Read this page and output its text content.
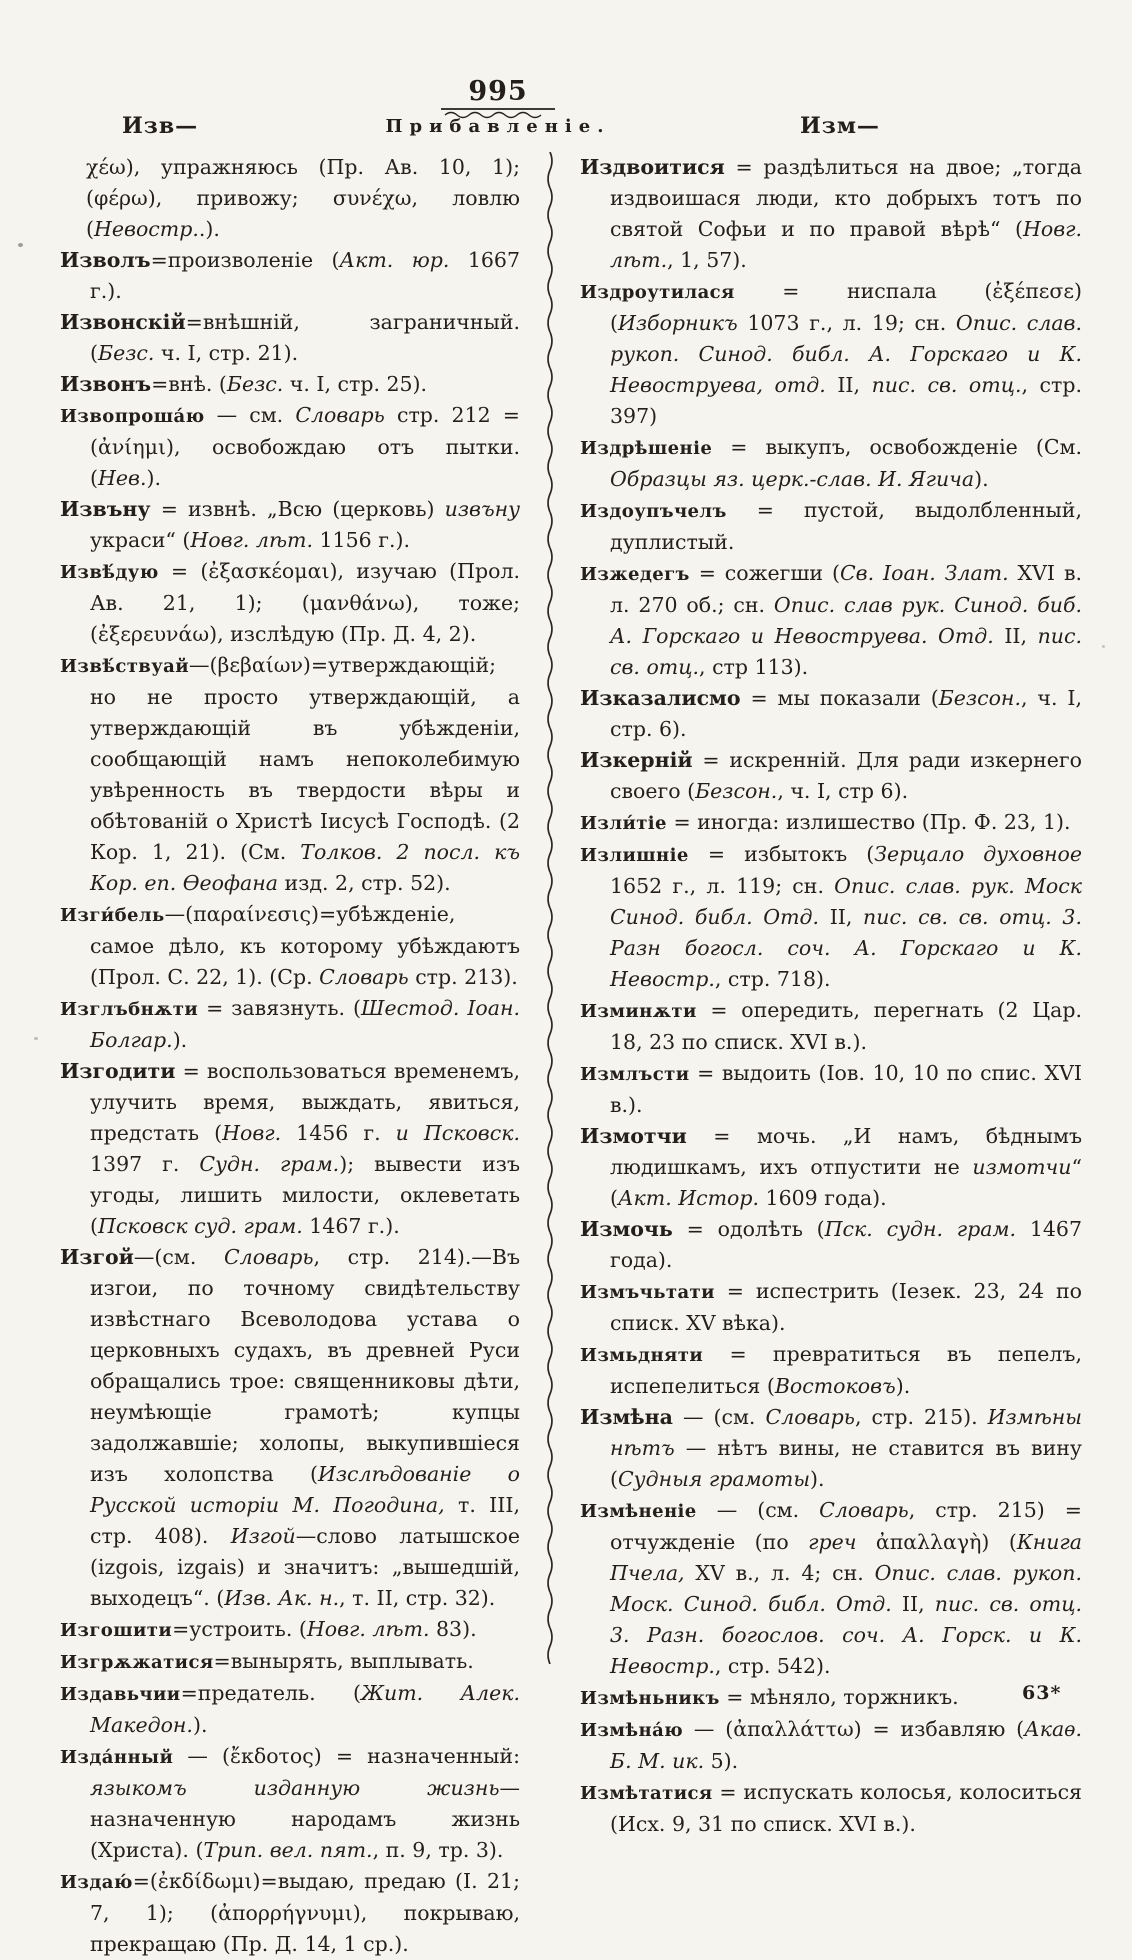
995
Изв—	Прибавленіе.	Изм—

χέω), упражняюсь (Пр. Ав. 10, 1); (φέρω), привожу; συνέχω, ловлю (Невостр..).

Изволъ=произволеніе (Акт. юр. 1667 г.).

Извонскій=внѣшній, заграничный. (Безс. ч. I, стр. 21).

Извонъ=внѣ. (Безс. ч. I, стр. 25).

Извопроша́ю — см. Словарь стр. 212 = (ἀνίημι), освобождаю отъ пытки. (Нев.).

Извъну = извнѣ. „Всю (церковь) извъну украси“ (Новг. лѣт. 1156 г.).

Извѣ́дую = (ἐξασκέομαι), изучаю (Прол. Ав. 21, 1); (μανθάνω), тоже; (ἐξερευνάω), изслѣдую (Пр. Д. 4, 2).

Извѣ́ствуай—(βεβαίων)=утверждающій; но не просто утверждающій, а утверждающій въ убѣжденіи, сообщающій намъ непоколебимую увѣренность въ твердости вѣры и обѣтованій о Христѣ Іисусѣ Господѣ. (2 Кор. 1, 21). (См. Толков. 2 посл. къ Кор. еп. Ѳеофана изд. 2, стр. 52).

Изги́бель—(παραίνεσις)=убѣжденіе, самое дѣло, къ которому убѣждаютъ (Прол. С. 22, 1). (Ср. Словарь стр. 213).

Изглъбнѫти = завязнуть. (Шестод. Іоан. Болгар.).

Изгодити = воспользоваться временемъ, улучить время, выждать, явиться, предстать (Новг. 1456 г. и Псковск. 1397 г. Судн. грам.); вывести изъ угоды, лишить милости, оклеветать (Псковск суд. грам. 1467 г.).

Изгой—(см. Словарь, стр. 214).—Въ изгои, по точному свидѣтельству извѣстнаго Всеволодова устава о церковныхъ судахъ, въ древней Руси обращались трое: священниковы дѣти, неумѣющіе грамотѣ; купцы задолжавшіе; холопы, выкупившіеся изъ холопства (Изслѣдованіе о Русской исторіи М. Погодина, т. III, стр. 408). Изгой—слово латышское (izgois, izgais) и значитъ: „вышедшій, выходецъ“. (Изв. Ак. н., т. II, стр. 32).

Изгошити=устроить. (Новг. лѣт. 83).

Изгрѫжатися=вынырять, выплывать.

Издавьчии=предатель. (Жит. Алек. Македон.).

Изда́нный — (ἔκδοτος) = назначенный: языкомъ изданную жизнь—назначенную народамъ жизнь (Христа). (Трип. вел. пят., п. 9, тр. 3).

Издаю́=(ἐκδίδωμι)=выдаю, предаю (І. 21; 7, 1); (ἀπορρήγνυμι), покрываю, прекращаю (Пр. Д. 14, 1 ср.).

Издвоитися = раздѣлиться на двое; „тогда издвоишася люди, кто добрыхъ тотъ по святой Софьи и по правой вѣрѣ“ (Новг. лѣт., 1, 57).

Издроутилася = ниспала (ἐξέπεσε) (Изборникъ 1073 г., л. 19; сн. Опис. слав. рукоп. Синод. библ. А. Горскаго и К. Невоструева, отд. II, пис. св. отц., стр. 397)

Издрѣшеніе = выкупъ, освобожденіе (См. Образцы яз. церк.-слав. И. Ягича).

Издоупъчелъ = пустой, выдолбленный, дуплистый.

Изжедегъ = сожегши (Св. Іоан. Злат. XVI в. л. 270 об.; сн. Опис. слав рук. Синод. биб. А. Горскаго и Невоструева. Отд. II, пис. св. отц., стр 113).

Изказалисмо = мы показали (Безсон., ч. I, стр. 6).

Изкерній = искренній. Для ради изкернего своего (Безсон., ч. I, стр 6).

Изли́тіе = иногда: излишество (Пр. Ф. 23, 1).

Излишніе = избытокъ (Зерцало духовное 1652 г., л. 119; сн. Опис. слав. рук. Моск Синод. библ. Отд. II, пис. св. св. отц. 3. Разн богосл. соч. А. Горскаго и К. Невостр., стр. 718).

Изминѫти = опередить, перегнать (2 Цар. 18, 23 по списк. XVI в.).

Измлъсти = выдоить (Іов. 10, 10 по спис. XVI в.).

Измотчи = мочь. „И намъ, бѣднымъ людишкамъ, ихъ отпустити не измотчи“ (Акт. Истор. 1609 года).

Измочь = одолѣть (Пск. судн. грам. 1467 года).

Измъчьтати = испестрить (Іезек. 23, 24 по списк. XV вѣка).

Измьдняти = превратиться въ пепелъ, испепелиться (Востоковъ).

Измѣна — (см. Словарь, стр. 215). Измѣны нѣтъ — нѣтъ вины, не ставится въ вину (Судныя грамоты).

Измѣненіе — (см. Словарь, стр. 215) = отчужденіе (по греч ἀπαλλαγὴ) (Книга Пчела, XV в., л. 4; сн. Опис. слав. рукоп. Моск. Синод. библ. Отд. II, пис. св. отц. 3. Разн. богослов. соч. А. Горск. и К. Невостр., стр. 542).

Измѣньникъ = мѣняло, торжникъ.

Измѣна́ю — (ἀπαλλάττω) = избавляю (Акаѳ. Б. М. ик. 5).

Измѣтатися = испускать колосья, колоситься (Исх. 9, 31 по списк. XVI в.).

63*
